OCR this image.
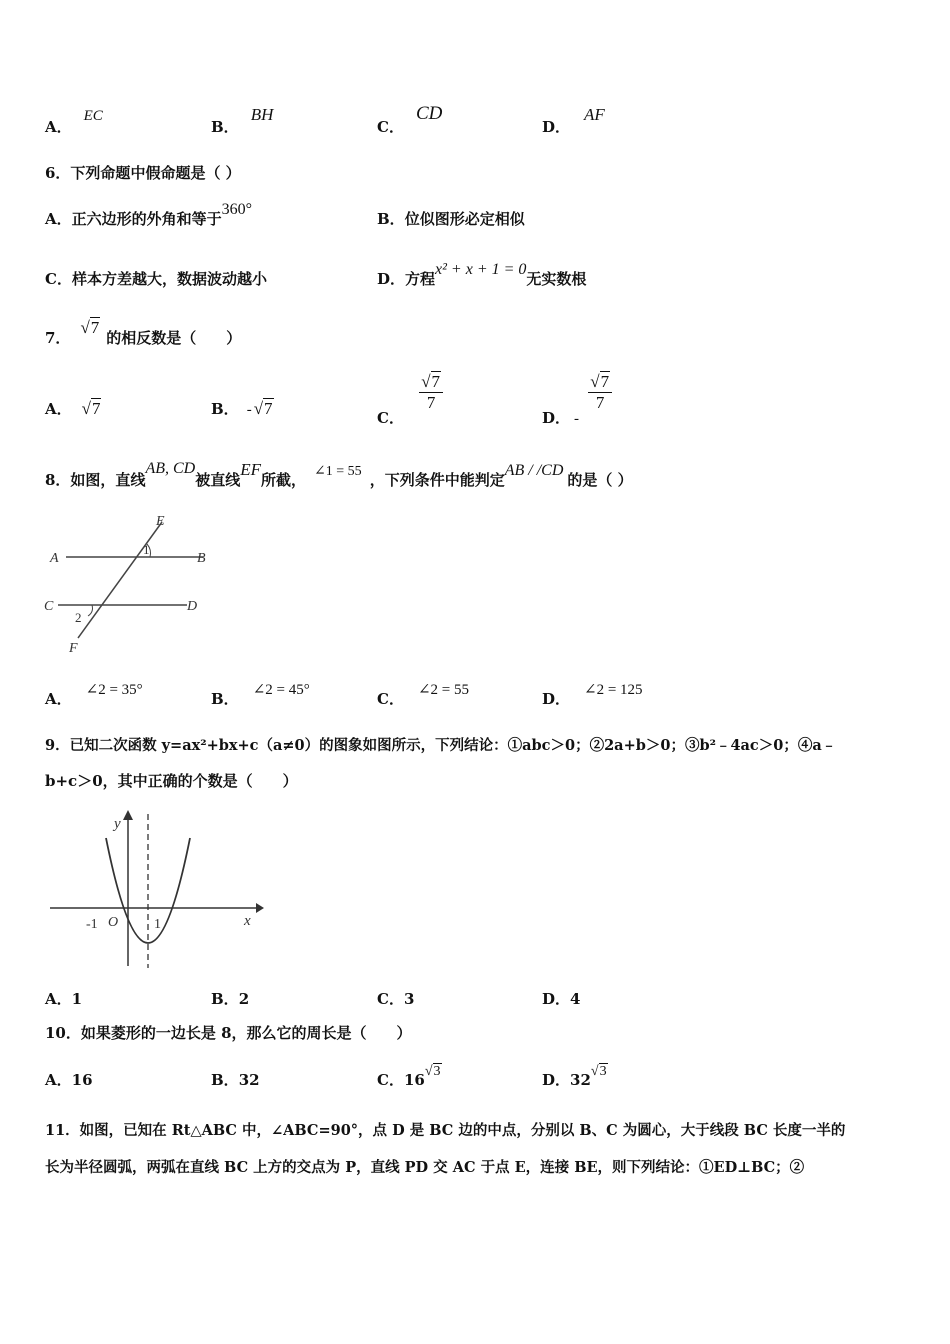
A．EC
B．BH
C．CD
D．AF
6．下列命题中假命题是（ ）
A．正六边形的外角和等于360°
B．位似图形必定相似
C．样本方差越大，数据波动越小	D．方程x² + x + 1 = 0无实数根
7．√7的相反数是（　　）
A． √7	B． - √7	C．
$\frac{√7}{7}$
D． -
$\frac{√7}{7}$
8．如图，直线AB, CD被直线EF所截， ∠1 = 55 ，下列条件中能判定AB / /CD的是（ ）
A	B
C	D
E
F
1
2
A． ∠2 = 35°	B． ∠2 = 45°	C． ∠2 = 55	D． ∠2 = 125
9．已知二次函数 y=ax²+bx+c（a≠0）的图象如图所示，下列结论：①abc＞0；②2a+b＞0；③b²﹣4ac＞0；④a﹣
b+c＞0，其中正确的个数是（　　）
y
x
O
-1	1
A．1	B．2	C．3	D．4
10．如果菱形的一边长是 8，那么它的周长是（　　）
A．16	B．32	C．16√3	D．32√3
11．如图，已知在 Rt△ABC 中，∠ABC=90°，点 D 是 BC 边的中点，分别以 B、C 为圆心，大于线段 BC 长度一半的
长为半径圆弧，两弧在直线 BC 上方的交点为 P，直线 PD 交 AC 于点 E，连接 BE，则下列结论：①ED⊥BC；②
